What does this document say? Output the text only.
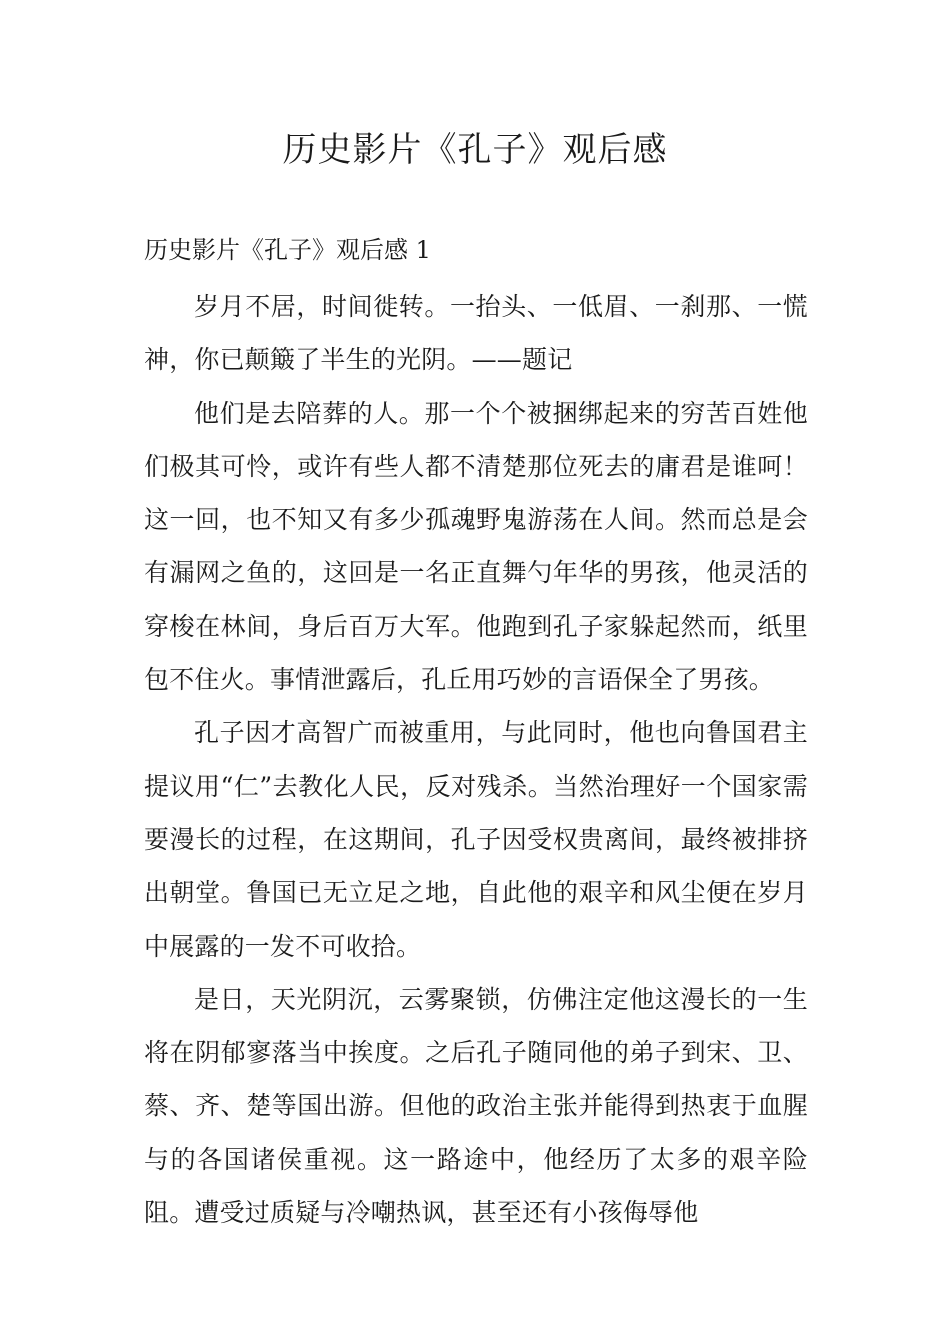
历史影片《孔子》观后感
历史影片《孔子》观后感 1

岁月不居，时间徙转。一抬头、一低眉、一刹那、一慌神，你已颠簸了半生的光阴。——题记

他们是去陪葬的人。那一个个被捆绑起来的穷苦百姓他们极其可怜，或许有些人都不清楚那位死去的庸君是谁呵！这一回，也不知又有多少孤魂野鬼游荡在人间。然而总是会有漏网之鱼的，这回是一名正直舞勺年华的男孩，他灵活的穿梭在林间，身后百万大军。他跑到孔子家躲起然而，纸里包不住火。事情泄露后，孔丘用巧妙的言语保全了男孩。

孔子因才高智广而被重用，与此同时，他也向鲁国君主提议用“仁”去教化人民，反对残杀。当然治理好一个国家需要漫长的过程，在这期间，孔子因受权贵离间，最终被排挤出朝堂。鲁国已无立足之地，自此他的艰辛和风尘便在岁月中展露的一发不可收拾。

是日，天光阴沉，云雾聚锁，仿佛注定他这漫长的一生将在阴郁寥落当中挨度。之后孔子随同他的弟子到宋、卫、蔡、齐、楚等国出游。但他的政治主张并能得到热衷于血腥与的各国诸侯重视。这一路途中，他经历了太多的艰辛险阻。遭受过质疑与冷嘲热讽，甚至还有小孩侮辱他
